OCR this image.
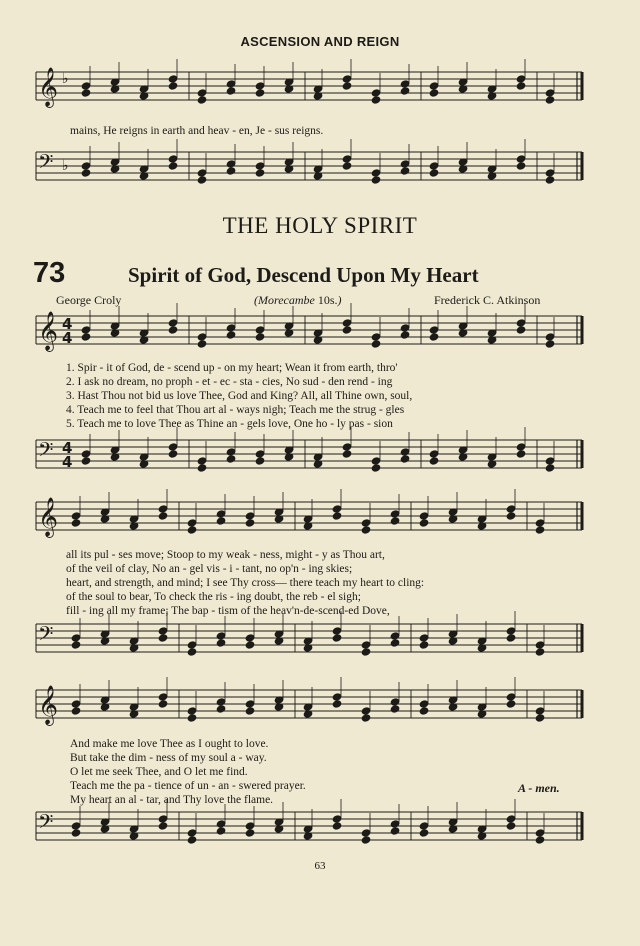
ASCENSION AND REIGN
𝄞 ♭
𝄢 ♭
𝄞 4
4
𝄢 4
4
𝄞
𝄢
𝄞
𝄢
mains, He reigns in earth and heav - en, Je - sus reigns.
THE HOLY SPIRIT
73	Spirit of God, Descend Upon My Heart
George Croly	(Morecambe 10s.)	Frederick C. Atkinson
1. Spir - it of God, de - scend up - on my heart; Wean it from earth, thro'
2. I ask no dream, no proph - et - ec - sta - cies, No sud - den rend - ing
3. Hast Thou not bid us love Thee, God and King? All, all Thine own, soul,
4. Teach me to feel that Thou art al - ways nigh; Teach me the strug - gles
5. Teach me to love Thee as Thine an - gels love, One ho - ly pas - sion
all its pul - ses move; Stoop to my weak - ness, might - y as Thou art,
of the veil of clay, No an - gel vis - i - tant, no op'n - ing skies;
heart, and strength, and mind; I see Thy cross— there teach my heart to cling:
of the soul to bear, To check the ris - ing doubt, the reb - el sigh;
fill - ing all my frame; The bap - tism of the heav'n-de-scend-ed Dove,
And make me love Thee as I ought to love.
But take the dim - ness of my soul a - way.
O let me seek Thee, and O let me find.
Teach me the pa - tience of un - an - swered prayer.
My heart an al - tar, and Thy love the flame.
A - men.
63
